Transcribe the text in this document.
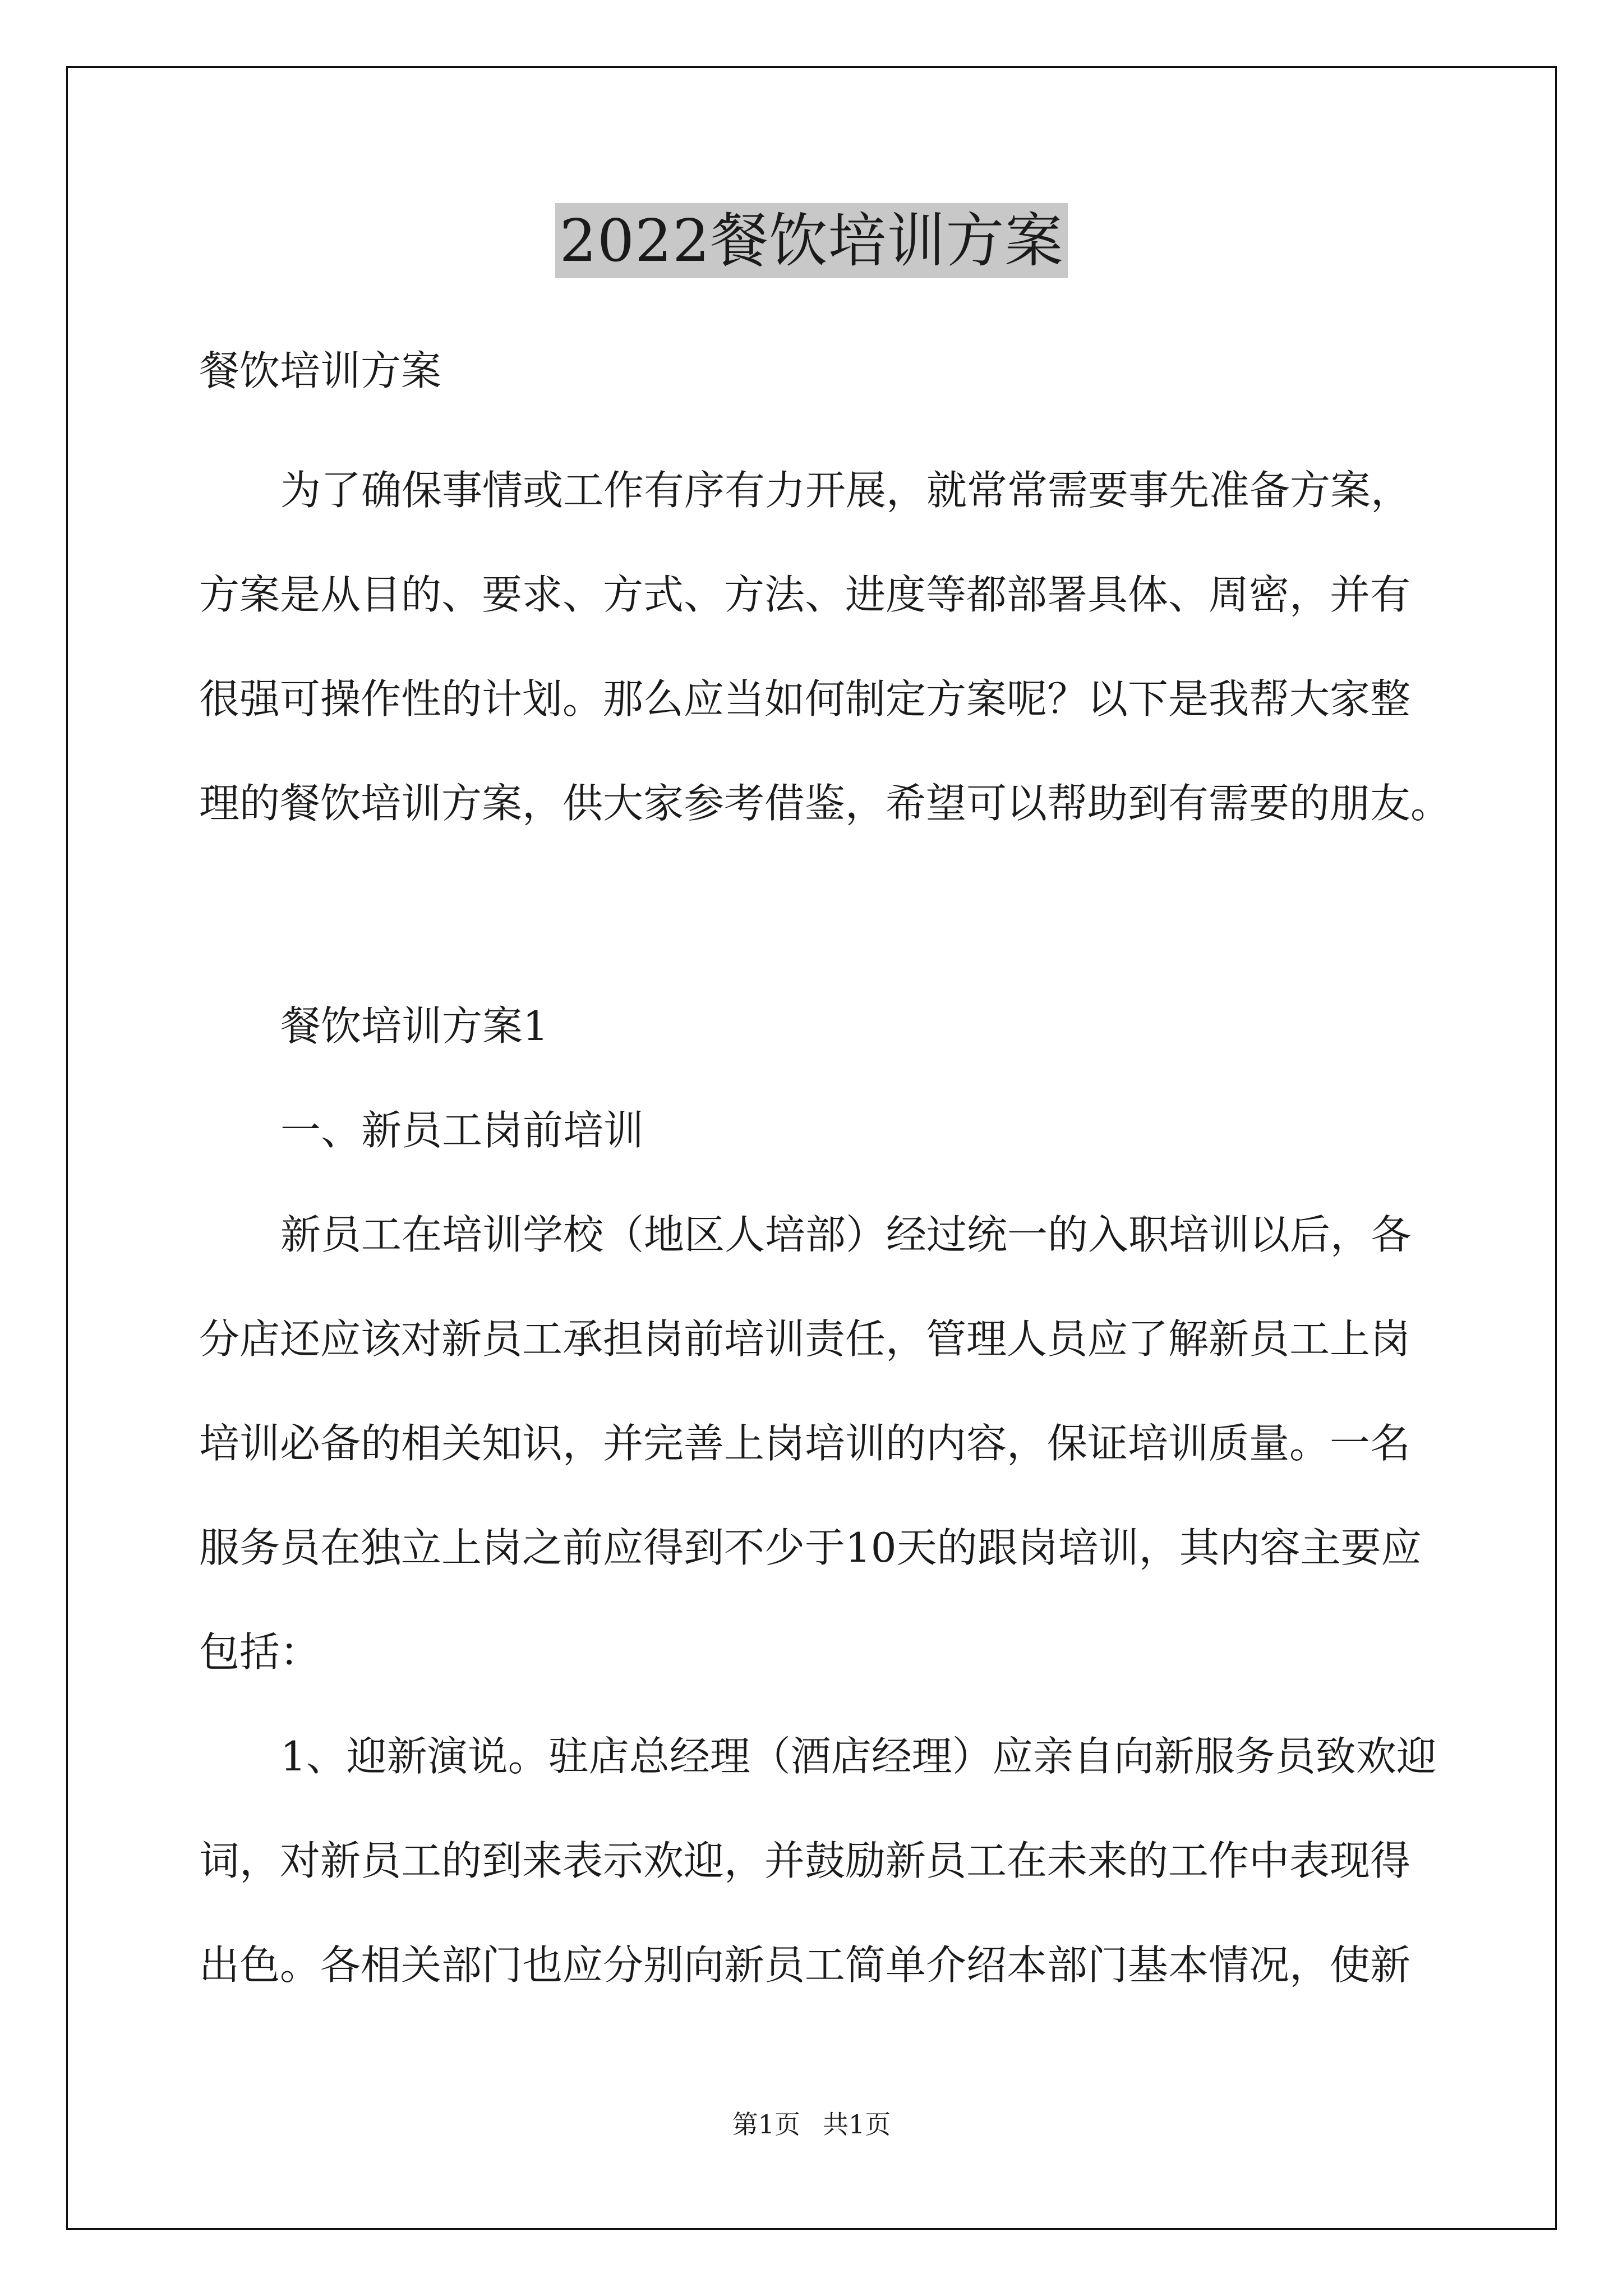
2022餐饮培训方案
餐饮培训方案
为了确保事情或工作有序有力开展，就常常需要事先准备方案，
方案是从目的、要求、方式、方法、进度等都部署具体、周密，并有
很强可操作性的计划。那么应当如何制定方案呢？以下是我帮大家整
理的餐饮培训方案，供大家参考借鉴，希望可以帮助到有需要的朋友。
餐饮培训方案1
一、新员工岗前培训
新员工在培训学校（地区人培部）经过统一的入职培训以后，各
分店还应该对新员工承担岗前培训责任，管理人员应了解新员工上岗
培训必备的相关知识，并完善上岗培训的内容，保证培训质量。一名
服务员在独立上岗之前应得到不少于10天的跟岗培训，其内容主要应
包括：
1、迎新演说。驻店总经理（酒店经理）应亲自向新服务员致欢迎
词，对新员工的到来表示欢迎，并鼓励新员工在未来的工作中表现得
出色。各相关部门也应分别向新员工简单介绍本部门基本情况，使新
第1页 共1页
